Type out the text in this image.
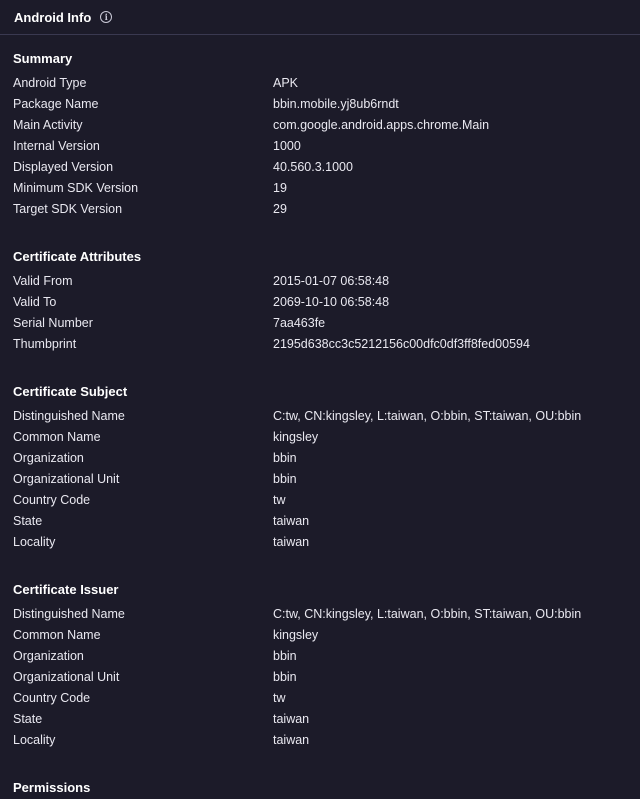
Android Info	i
Summary
Android Type	APK
Package Name	bbin.mobile.yj8ub6rndt
Main Activity	com.google.android.apps.chrome.Main
Internal Version	1000
Displayed Version	40.560.3.1000
Minimum SDK Version	19
Target SDK Version	29
Certificate Attributes
Valid From	2015-01-07 06:58:48
Valid To	2069-10-10 06:58:48
Serial Number	7aa463fe
Thumbprint	2195d638cc3c5212156c00dfc0df3ff8fed00594
Certificate Subject
Distinguished Name	C:tw, CN:kingsley, L:taiwan, O:bbin, ST:taiwan, OU:bbin
Common Name	kingsley
Organization	bbin
Organizational Unit	bbin
Country Code	tw
State	taiwan
Locality	taiwan
Certificate Issuer
Distinguished Name	C:tw, CN:kingsley, L:taiwan, O:bbin, ST:taiwan, OU:bbin
Common Name	kingsley
Organization	bbin
Organizational Unit	bbin
Country Code	tw
State	taiwan
Locality	taiwan
Permissions
